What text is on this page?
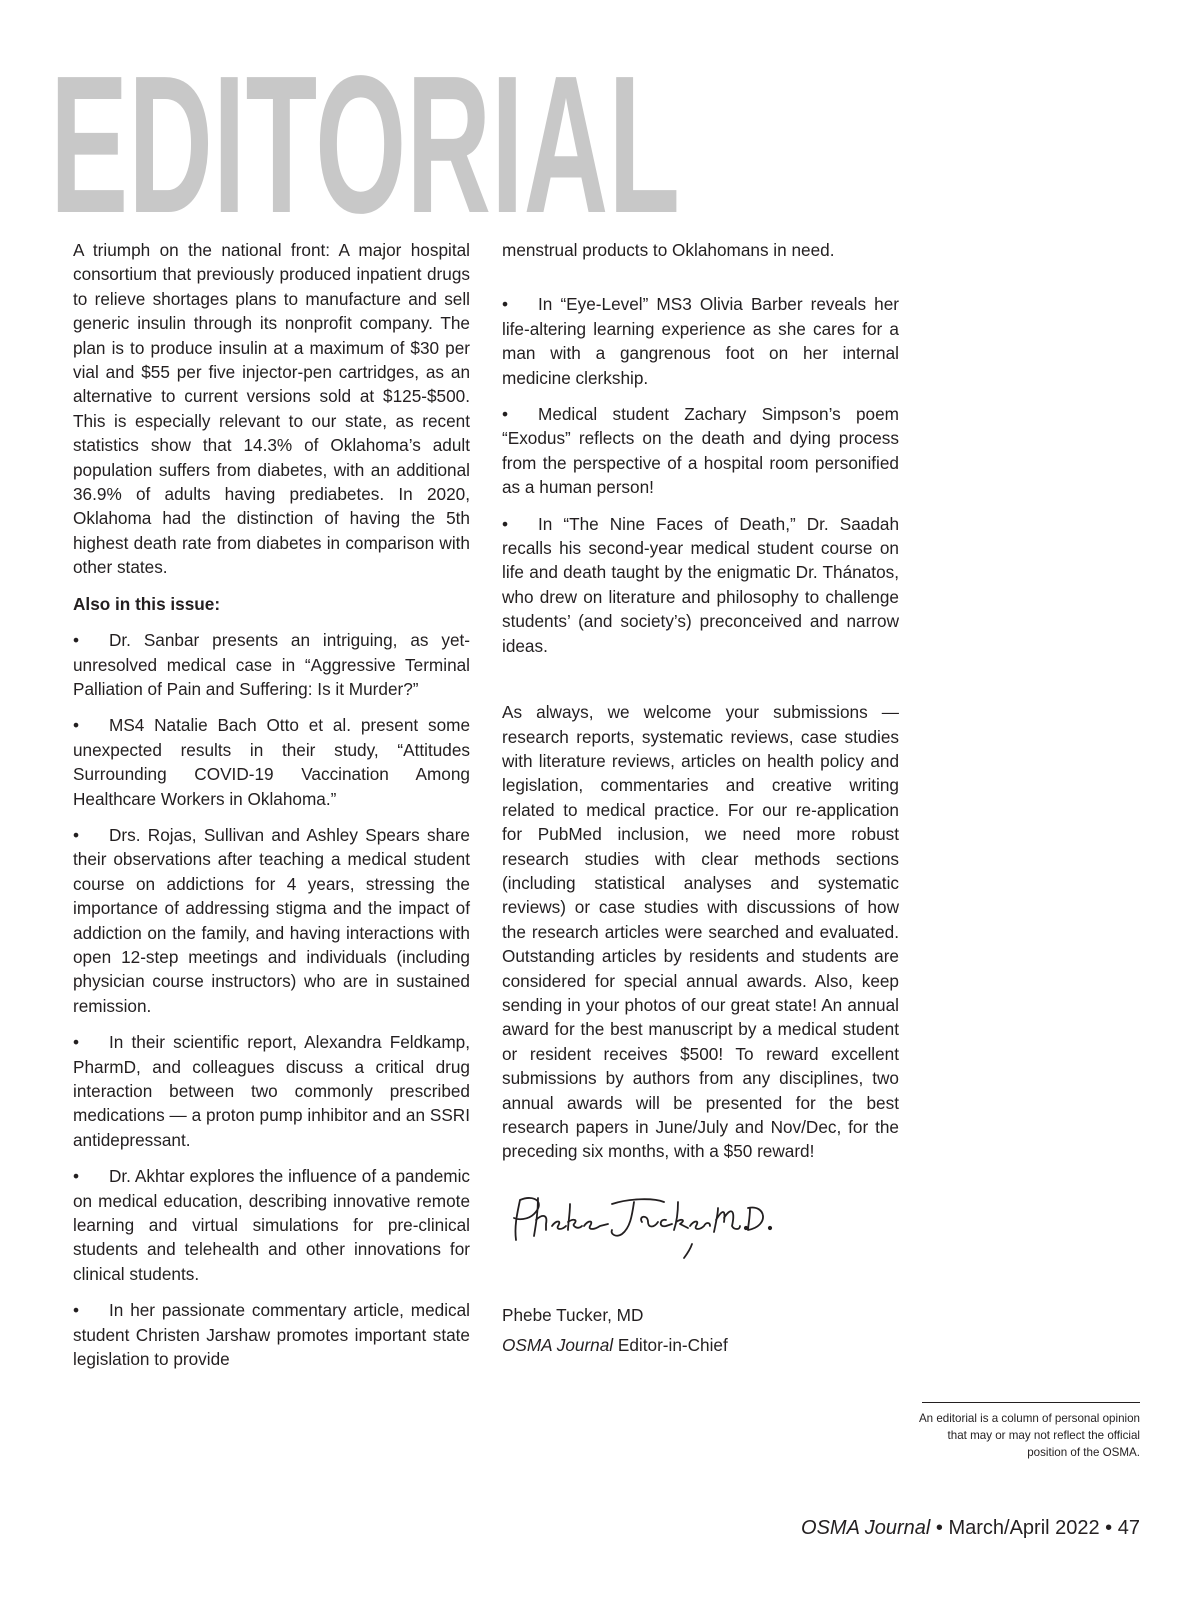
EDITORIAL

A triumph on the national front: A major hospital consortium that previously produced inpatient drugs to relieve shortages plans to manufacture and sell generic insulin through its nonprofit company. The plan is to produce insulin at a maximum of $30 per vial and $55 per five injector-pen cartridges, as an alternative to current versions sold at $125-$500. This is especially relevant to our state, as recent statistics show that 14.3% of Oklahoma’s adult population suffers from diabetes, with an additional 36.9% of adults having prediabetes. In 2020, Oklahoma had the distinction of having the 5th highest death rate from diabetes in comparison with other states.

Also in this issue:

• Dr. Sanbar presents an intriguing, as yet-unresolved medical case in “Aggressive Terminal Palliation of Pain and Suffering: Is it Murder?”

• MS4 Natalie Bach Otto et al. present some unexpected results in their study, “Attitudes Surrounding COVID-19 Vaccination Among Healthcare Workers in Oklahoma.”

• Drs. Rojas, Sullivan and Ashley Spears share their observations after teaching a medical student course on addictions for 4 years, stressing the importance of addressing stigma and the impact of addiction on the family, and having interactions with open 12-step meetings and individuals (including physician course instructors) who are in sustained remission.

• In their scientific report, Alexandra Feldkamp, PharmD, and colleagues discuss a critical drug interaction between two commonly prescribed medications — a proton pump inhibitor and an SSRI antidepressant.

• Dr. Akhtar explores the influence of a pandemic on medical education, describing innovative remote learning and virtual simulations for pre-clinical students and telehealth and other innovations for clinical students.

• In her passionate commentary article, medical student Christen Jarshaw promotes important state legislation to provide

menstrual products to Oklahomans in need.

• In “Eye-Level” MS3 Olivia Barber reveals her life-altering learning experience as she cares for a man with a gangrenous foot on her internal medicine clerkship.

• Medical student Zachary Simpson’s poem “Exodus” reflects on the death and dying process from the perspective of a hospital room personified as a human person!

• In “The Nine Faces of Death,” Dr. Saadah recalls his second-year medical student course on life and death taught by the enigmatic Dr. Thánatos, who drew on literature and philosophy to challenge students’ (and society’s) preconceived and narrow ideas.

As always, we welcome your submissions — research reports, systematic reviews, case studies with literature reviews, articles on health policy and legislation, commentaries and creative writing related to medical practice. For our re-application for PubMed inclusion, we need more robust research studies with clear methods sections (including statistical analyses and systematic reviews) or case studies with discussions of how the research articles were searched and evaluated. Outstanding articles by residents and students are considered for special annual awards. Also, keep sending in your photos of our great state! An annual award for the best manuscript by a medical student or resident receives $500! To reward excellent submissions by authors from any disciplines, two annual awards will be presented for the best research papers in June/July and Nov/Dec, for the preceding six months, with a $50 reward!

Phebe Tucker, MD
OSMA Journal Editor-in-Chief
An editorial is a column of personal opinion that may or may not reflect the official position of the OSMA.
OSMA Journal • March/April 2022 • 47
